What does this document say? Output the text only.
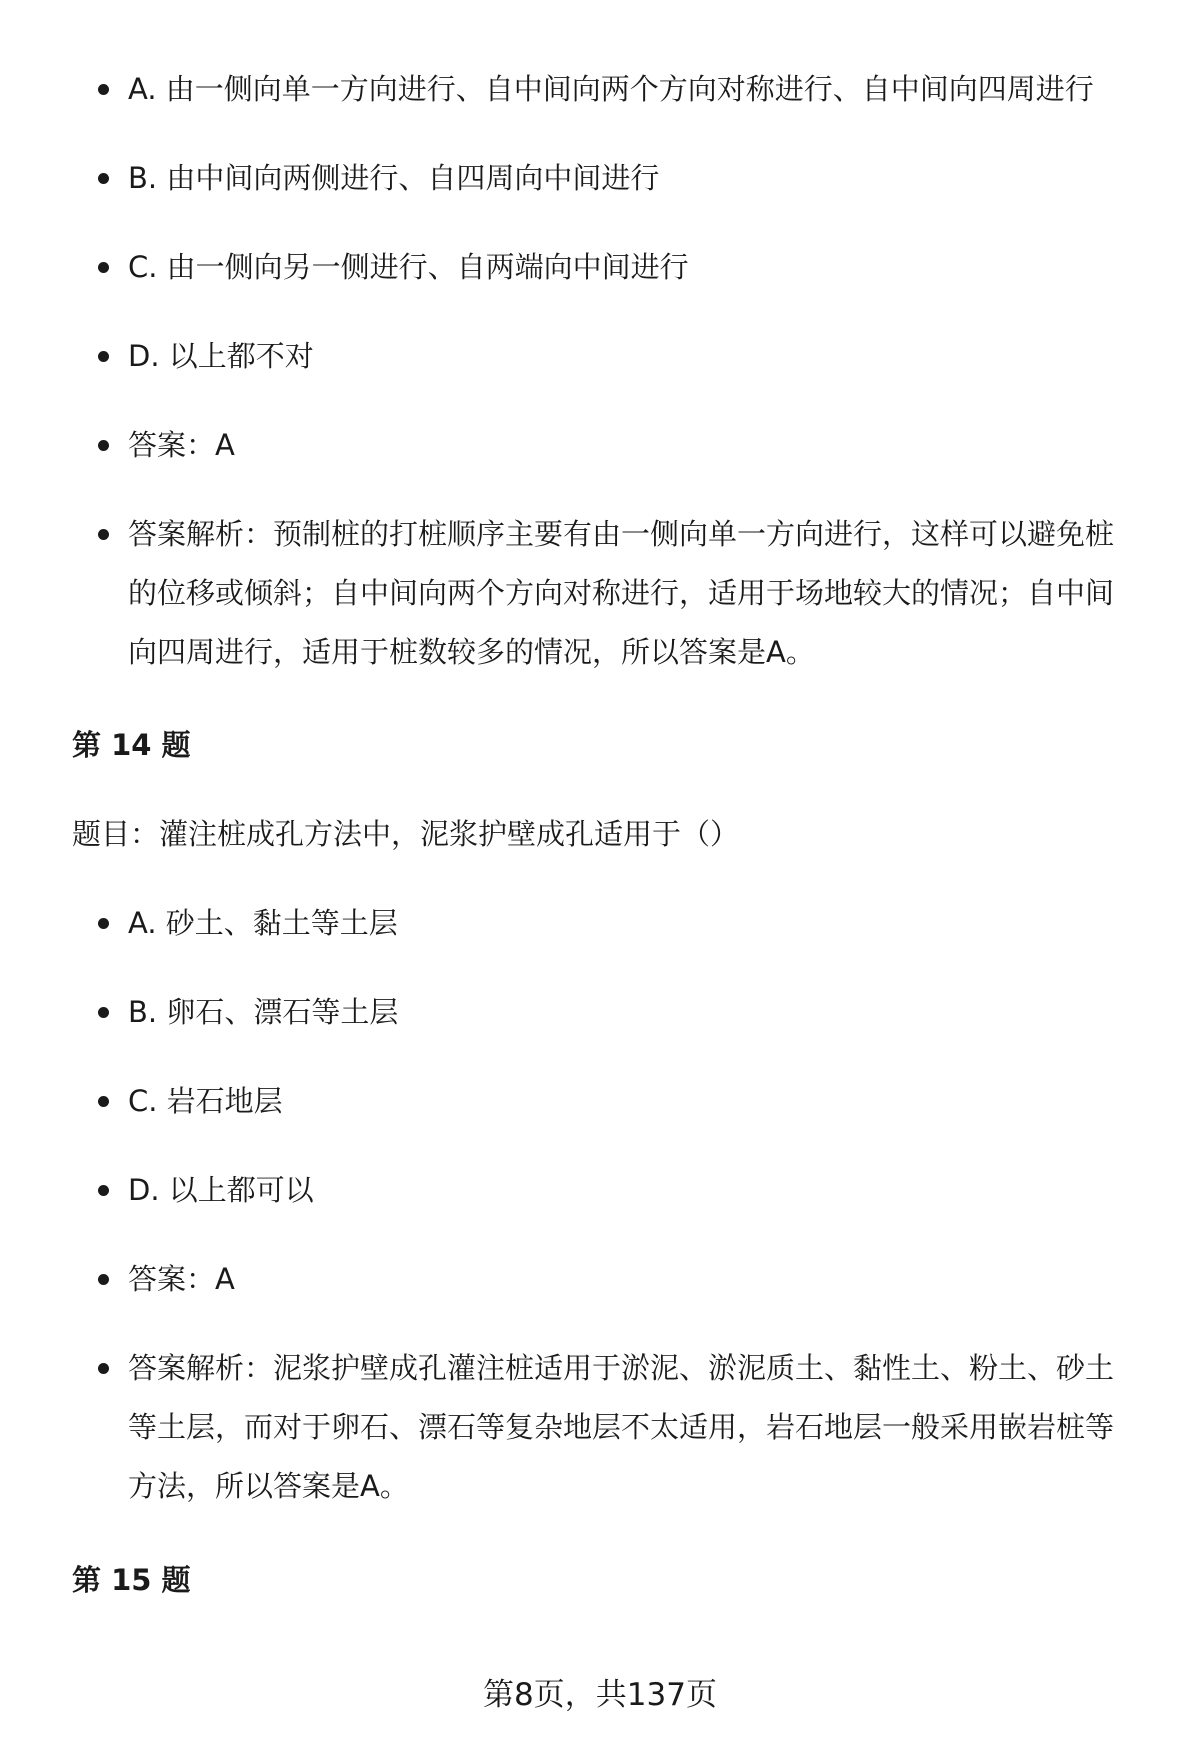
A. 由一侧向单一方向进行、自中间向两个方向对称进行、自中间向四周进行
B. 由中间向两侧进行、自四周向中间进行
C. 由一侧向另一侧进行、自两端向中间进行
D. 以上都不对
答案：A
答案解析：预制桩的打桩顺序主要有由一侧向单一方向进行，这样可以避免桩的位移或倾斜；自中间向两个方向对称进行，适用于场地较大的情况；自中间向四周进行，适用于桩数较多的情况，所以答案是A。
第 14 题
题目：灌注桩成孔方法中，泥浆护壁成孔适用于（）
A. 砂土、黏土等土层
B. 卵石、漂石等土层
C. 岩石地层
D. 以上都可以
答案：A
答案解析：泥浆护壁成孔灌注桩适用于淤泥、淤泥质土、黏性土、粉土、砂土等土层，而对于卵石、漂石等复杂地层不太适用，岩石地层一般采用嵌岩桩等方法，所以答案是A。
第 15 题
第8页，共137页
